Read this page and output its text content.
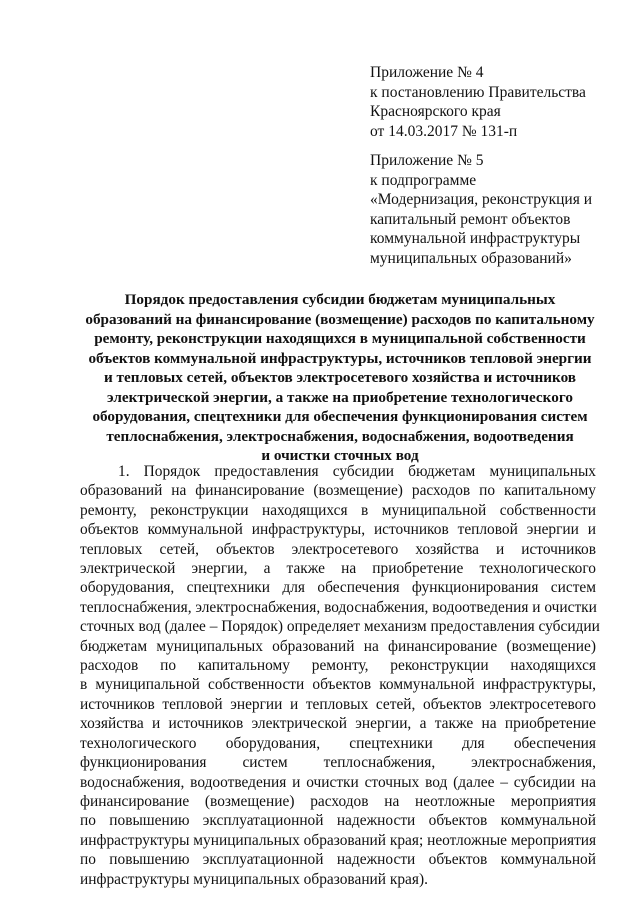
Приложение № 4
к постановлению Правительства
Красноярского края
от 14.03.2017 № 131-п
Приложение № 5
к подпрограмме
«Модернизация, реконструкция и
капитальный ремонт объектов
коммунальной инфраструктуры
муниципальных образований»
Порядок предоставления субсидии бюджетам муниципальных
образований на финансирование (возмещение) расходов по капитальному
ремонту, реконструкции находящихся в муниципальной собственности
объектов коммунальной инфраструктуры, источников тепловой энергии
и тепловых сетей, объектов электросетевого хозяйства и источников
электрической энергии, а также на приобретение технологического
оборудования, спецтехники для обеспечения функционирования систем
теплоснабжения, электроснабжения, водоснабжения, водоотведения
и очистки сточных вод
1. Порядок предоставления субсидии бюджетам муниципальных
образований на финансирование (возмещение) расходов по капитальному
ремонту, реконструкции находящихся в муниципальной собственности
объектов коммунальной инфраструктуры, источников тепловой энергии и
тепловых сетей, объектов электросетевого хозяйства и источников
электрической энергии, а также на приобретение технологического
оборудования, спецтехники для обеспечения функционирования систем
теплоснабжения, электроснабжения, водоснабжения, водоотведения и очистки
сточных вод (далее – Порядок) определяет механизм предоставления субсидии
бюджетам муниципальных образований на финансирование (возмещение)
расходов по капитальному ремонту, реконструкции находящихся
в муниципальной собственности объектов коммунальной инфраструктуры,
источников тепловой энергии и тепловых сетей, объектов электросетевого
хозяйства и источников электрической энергии, а также на приобретение
технологического оборудования, спецтехники для обеспечения
функционирования систем теплоснабжения, электроснабжения,
водоснабжения, водоотведения и очистки сточных вод (далее – субсидии на
финансирование (возмещение) расходов на неотложные мероприятия
по повышению эксплуатационной надежности объектов коммунальной
инфраструктуры муниципальных образований края; неотложные мероприятия
по повышению эксплуатационной надежности объектов коммунальной
инфраструктуры муниципальных образований края).
